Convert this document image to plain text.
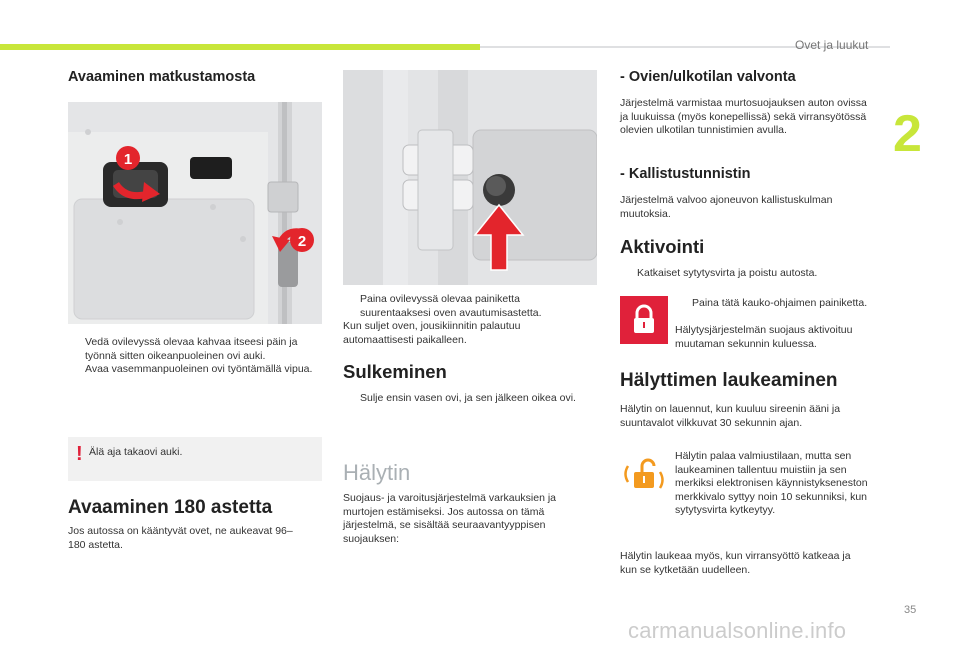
Ovet ja luukut
2
Avaaminen matkustamosta
1
2
Vedä ovilevyssä olevaa kahvaa itseesi päin ja työnnä sitten oikeanpuoleinen ovi auki.
Avaa vasemmanpuoleinen ovi työntämällä vipua.
! Älä aja takaovi auki.
Avaaminen 180 astetta

Jos autossa on kääntyvät ovet, ne aukeavat 96–180 astetta.

Paina ovilevyssä olevaa painiketta suurentaaksesi oven avautumisastetta.

Kun suljet oven, jousikiinnitin palautuu automaattisesti paikalleen.

Sulkeminen
Sulje ensin vasen ovi, ja sen jälkeen oikea ovi.
Hälytin

Suojaus- ja varoitusjärjestelmä varkauksien ja murtojen estämiseksi. Jos autossa on tämä järjestelmä, se sisältää seuraavantyyppisen suojauksen:

- Ovien/ulkotilan valvonta

Järjestelmä varmistaa murtosuojauksen auton ovissa ja luukuissa (myös konepellissä) sekä virransyötössä olevien ulkotilan tunnistimien avulla.

- Kallistustunnistin

Järjestelmä valvoo ajoneuvon kallistuskulman muutoksia.

Aktivointi
Katkaiset sytytysvirta ja poistu autosta.
Paina tätä kauko-ohjaimen painiketta.

Hälytysjärjestelmän suojaus aktivoituu muutaman sekunnin kuluessa.

Hälyttimen laukeaminen

Hälytin on lauennut, kun kuuluu sireenin ääni ja suuntavalot vilkkuvat 30 sekunnin ajan.

Hälytin palaa valmiustilaan, mutta sen laukeaminen tallentuu muistiin ja sen merkiksi elektronisen käynnistykseneston merkkivalo syttyy noin 10 sekunniksi, kun sytytysvirta kytkeytyy.

Hälytin laukeaa myös, kun virransyöttö katkeaa ja kun se kytketään uudelleen.

35
carmanualsonline.info
